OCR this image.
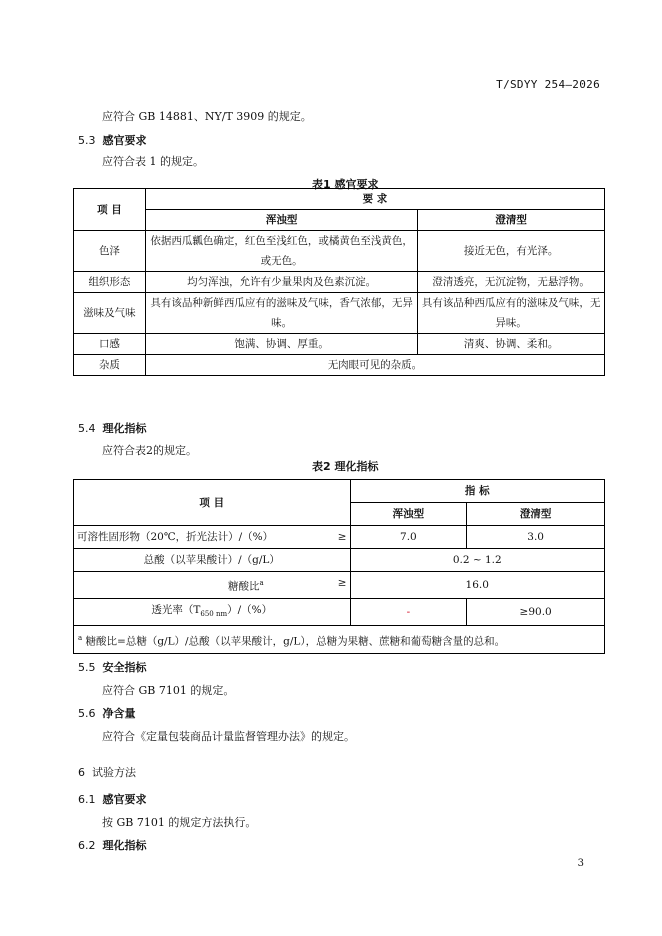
T/SDYY 254—2026
应符合 GB 14881、NY/T 3909 的规定。
5.3 感官要求
应符合表 1 的规定。
表1 感官要求
项 目	要 求	
	浑浊型	澄清型
色泽	依据西瓜瓤色确定，红色至浅红色，或橘黄色至浅黄色，或无色。	接近无色，有光泽。
组织形态	均匀浑浊，允许有少量果肉及色素沉淀。	澄清透亮，无沉淀物，无悬浮物。
滋味及气味	具有该品种新鲜西瓜应有的滋味及气味，香气浓郁，无异味。	具有该品种西瓜应有的滋味及气味，无异味。
口感	饱满、协调、厚重。	清爽、协调、柔和。
杂质	无肉眼可见的杂质。	
5.4 理化指标
应符合表2的规定。
表2 理化指标
项 目	指 标	
	浑浊型	澄清型
可溶性固形物（20℃，折光法计）/（%） ≥	7.0	3.0
总酸（以苹果酸计）/（g/L）	0.2 ~ 1.2	
糖酸比$^a$ ≥	16.0	
透光率$(T_{650 nm})/(\%)$	-	≥90.0
$^a$ 糖酸比=总糖（g/L）/总酸（以苹果酸计，g/L），总糖为果糖、蔗糖和葡萄糖含量的总和。		
5.5 安全指标
应符合 GB 7101 的规定。
5.6 净含量
应符合《定量包装商品计量监督管理办法》的规定。
6 试验方法
6.1 感官要求
按 GB 7101 的规定方法执行。
6.2 理化指标
3
